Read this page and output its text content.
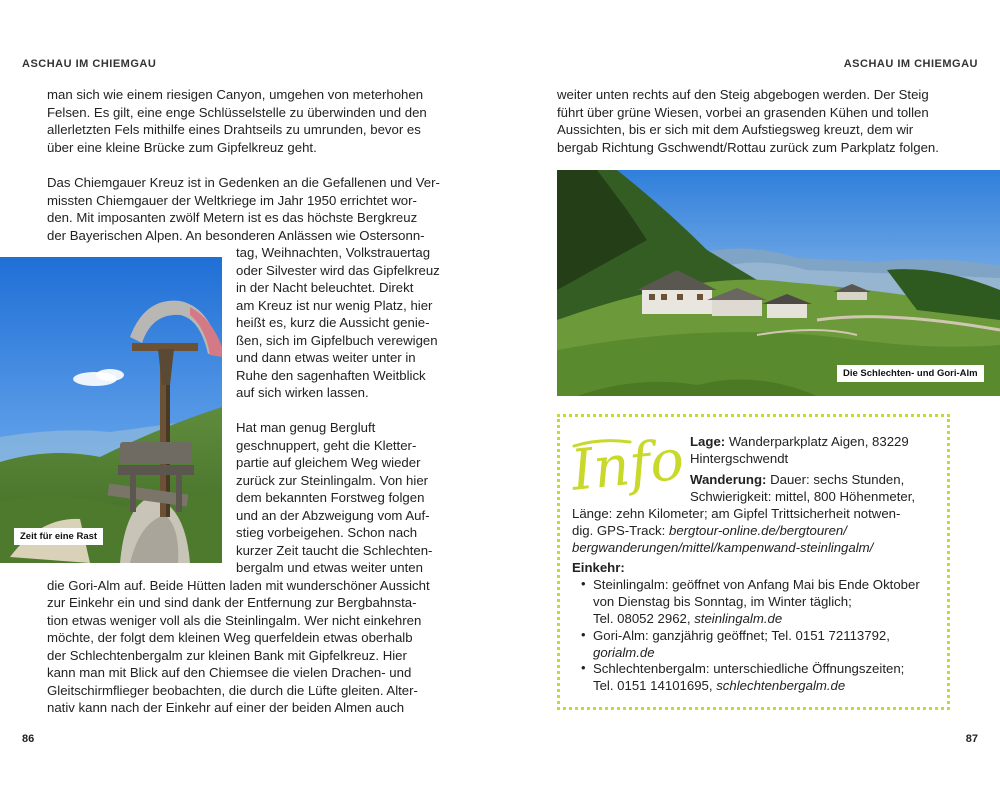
ASCHAU IM CHIEMGAU	ASCHAU IM CHIEMGAU
86	87

man sich wie einem riesigen Canyon, umgehen von meterhohen

Felsen. Es gilt, eine enge Schlüsselstelle zu überwinden und den

allerletzten Fels mithilfe eines Drahtseils zu umrunden, bevor es

über eine kleine Brücke zum Gipfelkreuz geht.

Das Chiemgauer Kreuz ist in Gedenken an die Gefallenen und Ver-

missten Chiemgauer der Weltkriege im Jahr 1950 errichtet wor-

den. Mit imposanten zwölf Metern ist es das höchste Bergkreuz

der Bayerischen Alpen. An besonderen Anlässen wie Ostersonn-

tag, Weihnachten, Volkstrauertag

oder Silvester wird das Gipfelkreuz

in der Nacht beleuchtet. Direkt

am Kreuz ist nur wenig Platz, hier

heißt es, kurz die Aussicht genie-

ßen, sich im Gipfelbuch verewigen

und dann etwas weiter unter in

Ruhe den sagenhaften Weitblick

auf sich wirken lassen.

Hat man genug Bergluft

geschnuppert, geht die Kletter-

partie auf gleichem Weg wieder

zurück zur Steinlingalm. Von hier

dem bekannten Forstweg folgen

und an der Abzweigung vom Auf-

stieg vorbeigehen. Schon nach

kurzer Zeit taucht die Schlechten-

bergalm und etwas weiter unten

die Gori-Alm auf. Beide Hütten laden mit wunderschöner Aussicht

zur Einkehr ein und sind dank der Entfernung zur Bergbahnsta-

tion etwas weniger voll als die Steinlingalm. Wer nicht einkehren

möchte, der folgt dem kleinen Weg querfeldein etwas oberhalb

der Schlechtenbergalm zur kleinen Bank mit Gipfelkreuz. Hier

kann man mit Blick auf den Chiemsee die vielen Drachen- und

Gleitschirmflieger beobachten, die durch die Lüfte gleiten. Alter-

nativ kann nach der Einkehr auf einer der beiden Almen auch

Zeit für eine Rast

weiter unten rechts auf den Steig abgebogen werden. Der Steig

führt über grüne Wiesen, vorbei an grasenden Kühen und tollen

Aussichten, bis er sich mit dem Aufstiegsweg kreuzt, dem wir

bergab Richtung Gschwendt/Rottau zurück zum Parkplatz folgen.

Die Schlechten- und Gori-Alm
Info Lage: Wanderparkplatz Aigen, 83229

Hintergschwendt

Wanderung: Dauer: sechs Stunden,

Schwierigkeit: mittel, 800 Höhenmeter,

Länge: zehn Kilometer; am Gipfel Trittsicherheit notwen-

dig. GPS-Track: bergtour-online.de/bergtouren/

bergwanderungen/mittel/kampenwand-steinlingalm/

Einkehr:

• Steinlingalm: geöffnet von Anfang Mai bis Ende Oktober

von Dienstag bis Sonntag, im Winter täglich;

Tel. 08052 2962, steinlingalm.de

• Gori-Alm: ganzjährig geöffnet; Tel. 0151 72113792,

gorialm.de

• Schlechtenbergalm: unterschiedliche Öffnungszeiten;

Tel. 0151 14101695, schlechtenbergalm.de
